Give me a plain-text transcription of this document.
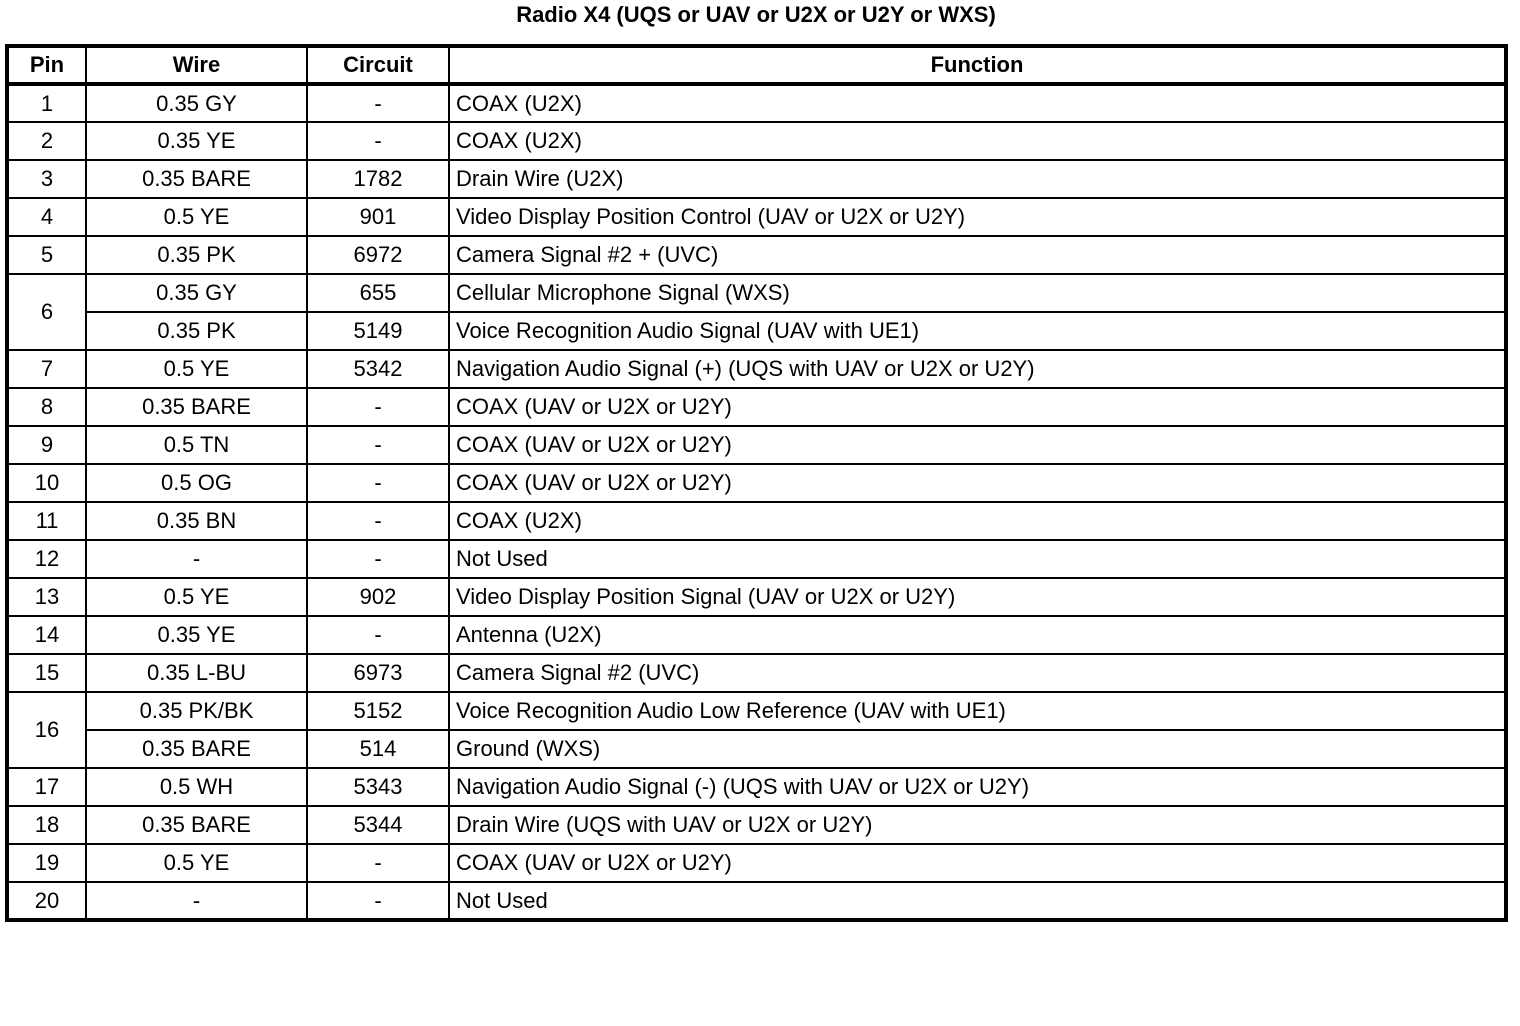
Radio X4 (UQS or UAV or U2X or U2Y or WXS)
Pin	Wire	Circuit	Function
1	0.35 GY	-	COAX (U2X)
2	0.35 YE	-	COAX (U2X)
3	0.35 BARE	1782	Drain Wire (U2X)
4	0.5 YE	901	Video Display Position Control (UAV or U2X or U2Y)
5	0.35 PK	6972	Camera Signal #2 + (UVC)
6	0.35 GY	655	Cellular Microphone Signal (WXS)
	0.35 PK	5149	Voice Recognition Audio Signal (UAV with UE1)
7	0.5 YE	5342	Navigation Audio Signal (+) (UQS with UAV or U2X or U2Y)
8	0.35 BARE	-	COAX (UAV or U2X or U2Y)
9	0.5 TN	-	COAX (UAV or U2X or U2Y)
10	0.5 OG	-	COAX (UAV or U2X or U2Y)
11	0.35 BN	-	COAX (U2X)
12	-	-	Not Used
13	0.5 YE	902	Video Display Position Signal (UAV or U2X or U2Y)
14	0.35 YE	-	Antenna (U2X)
15	0.35 L-BU	6973	Camera Signal #2 (UVC)
16	0.35 PK/BK	5152	Voice Recognition Audio Low Reference (UAV with UE1)
	0.35 BARE	514	Ground (WXS)
17	0.5 WH	5343	Navigation Audio Signal (-) (UQS with UAV or U2X or U2Y)
18	0.35 BARE	5344	Drain Wire (UQS with UAV or U2X or U2Y)
19	0.5 YE	-	COAX (UAV or U2X or U2Y)
20	-	-	Not Used
